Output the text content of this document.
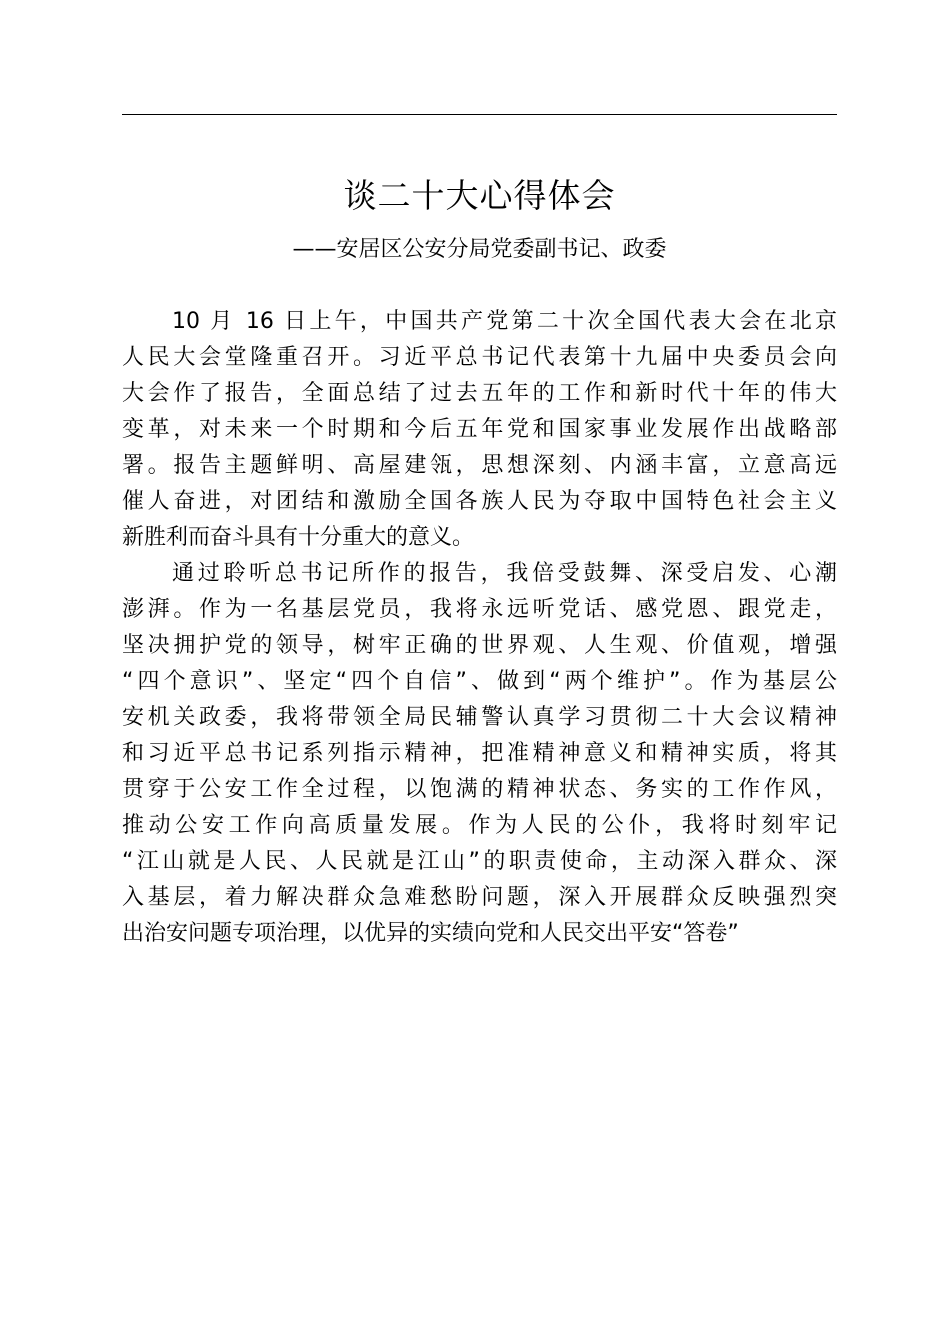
谈二十大心得体会
——安居区公安分局党委副书记、政委
10 月 16 日上午，中国共产党第二十次全国代表大会在北京
人民大会堂隆重召开。习近平总书记代表第十九届中央委员会向
大会作了报告，全面总结了过去五年的工作和新时代十年的伟大
变革，对未来一个时期和今后五年党和国家事业发展作出战略部
署。报告主题鲜明、高屋建瓴，思想深刻、内涵丰富，立意高远
催人奋进，对团结和激励全国各族人民为夺取中国特色社会主义
新胜利而奋斗具有十分重大的意义。
通过聆听总书记所作的报告，我倍受鼓舞、深受启发、心潮
澎湃。作为一名基层党员，我将永远听党话、感党恩、跟党走，
坚决拥护党的领导，树牢正确的世界观、人生观、价值观，增强
“四个意识”、坚定“四个自信”、做到“两个维护”。作为基层公
安机关政委，我将带领全局民辅警认真学习贯彻二十大会议精神
和习近平总书记系列指示精神，把准精神意义和精神实质，将其
贯穿于公安工作全过程，以饱满的精神状态、务实的工作作风，
推动公安工作向高质量发展。作为人民的公仆，我将时刻牢记
“江山就是人民、人民就是江山”的职责使命，主动深入群众、深
入基层，着力解决群众急难愁盼问题，深入开展群众反映强烈突
出治安问题专项治理，以优异的实绩向党和人民交出平安“答卷”
